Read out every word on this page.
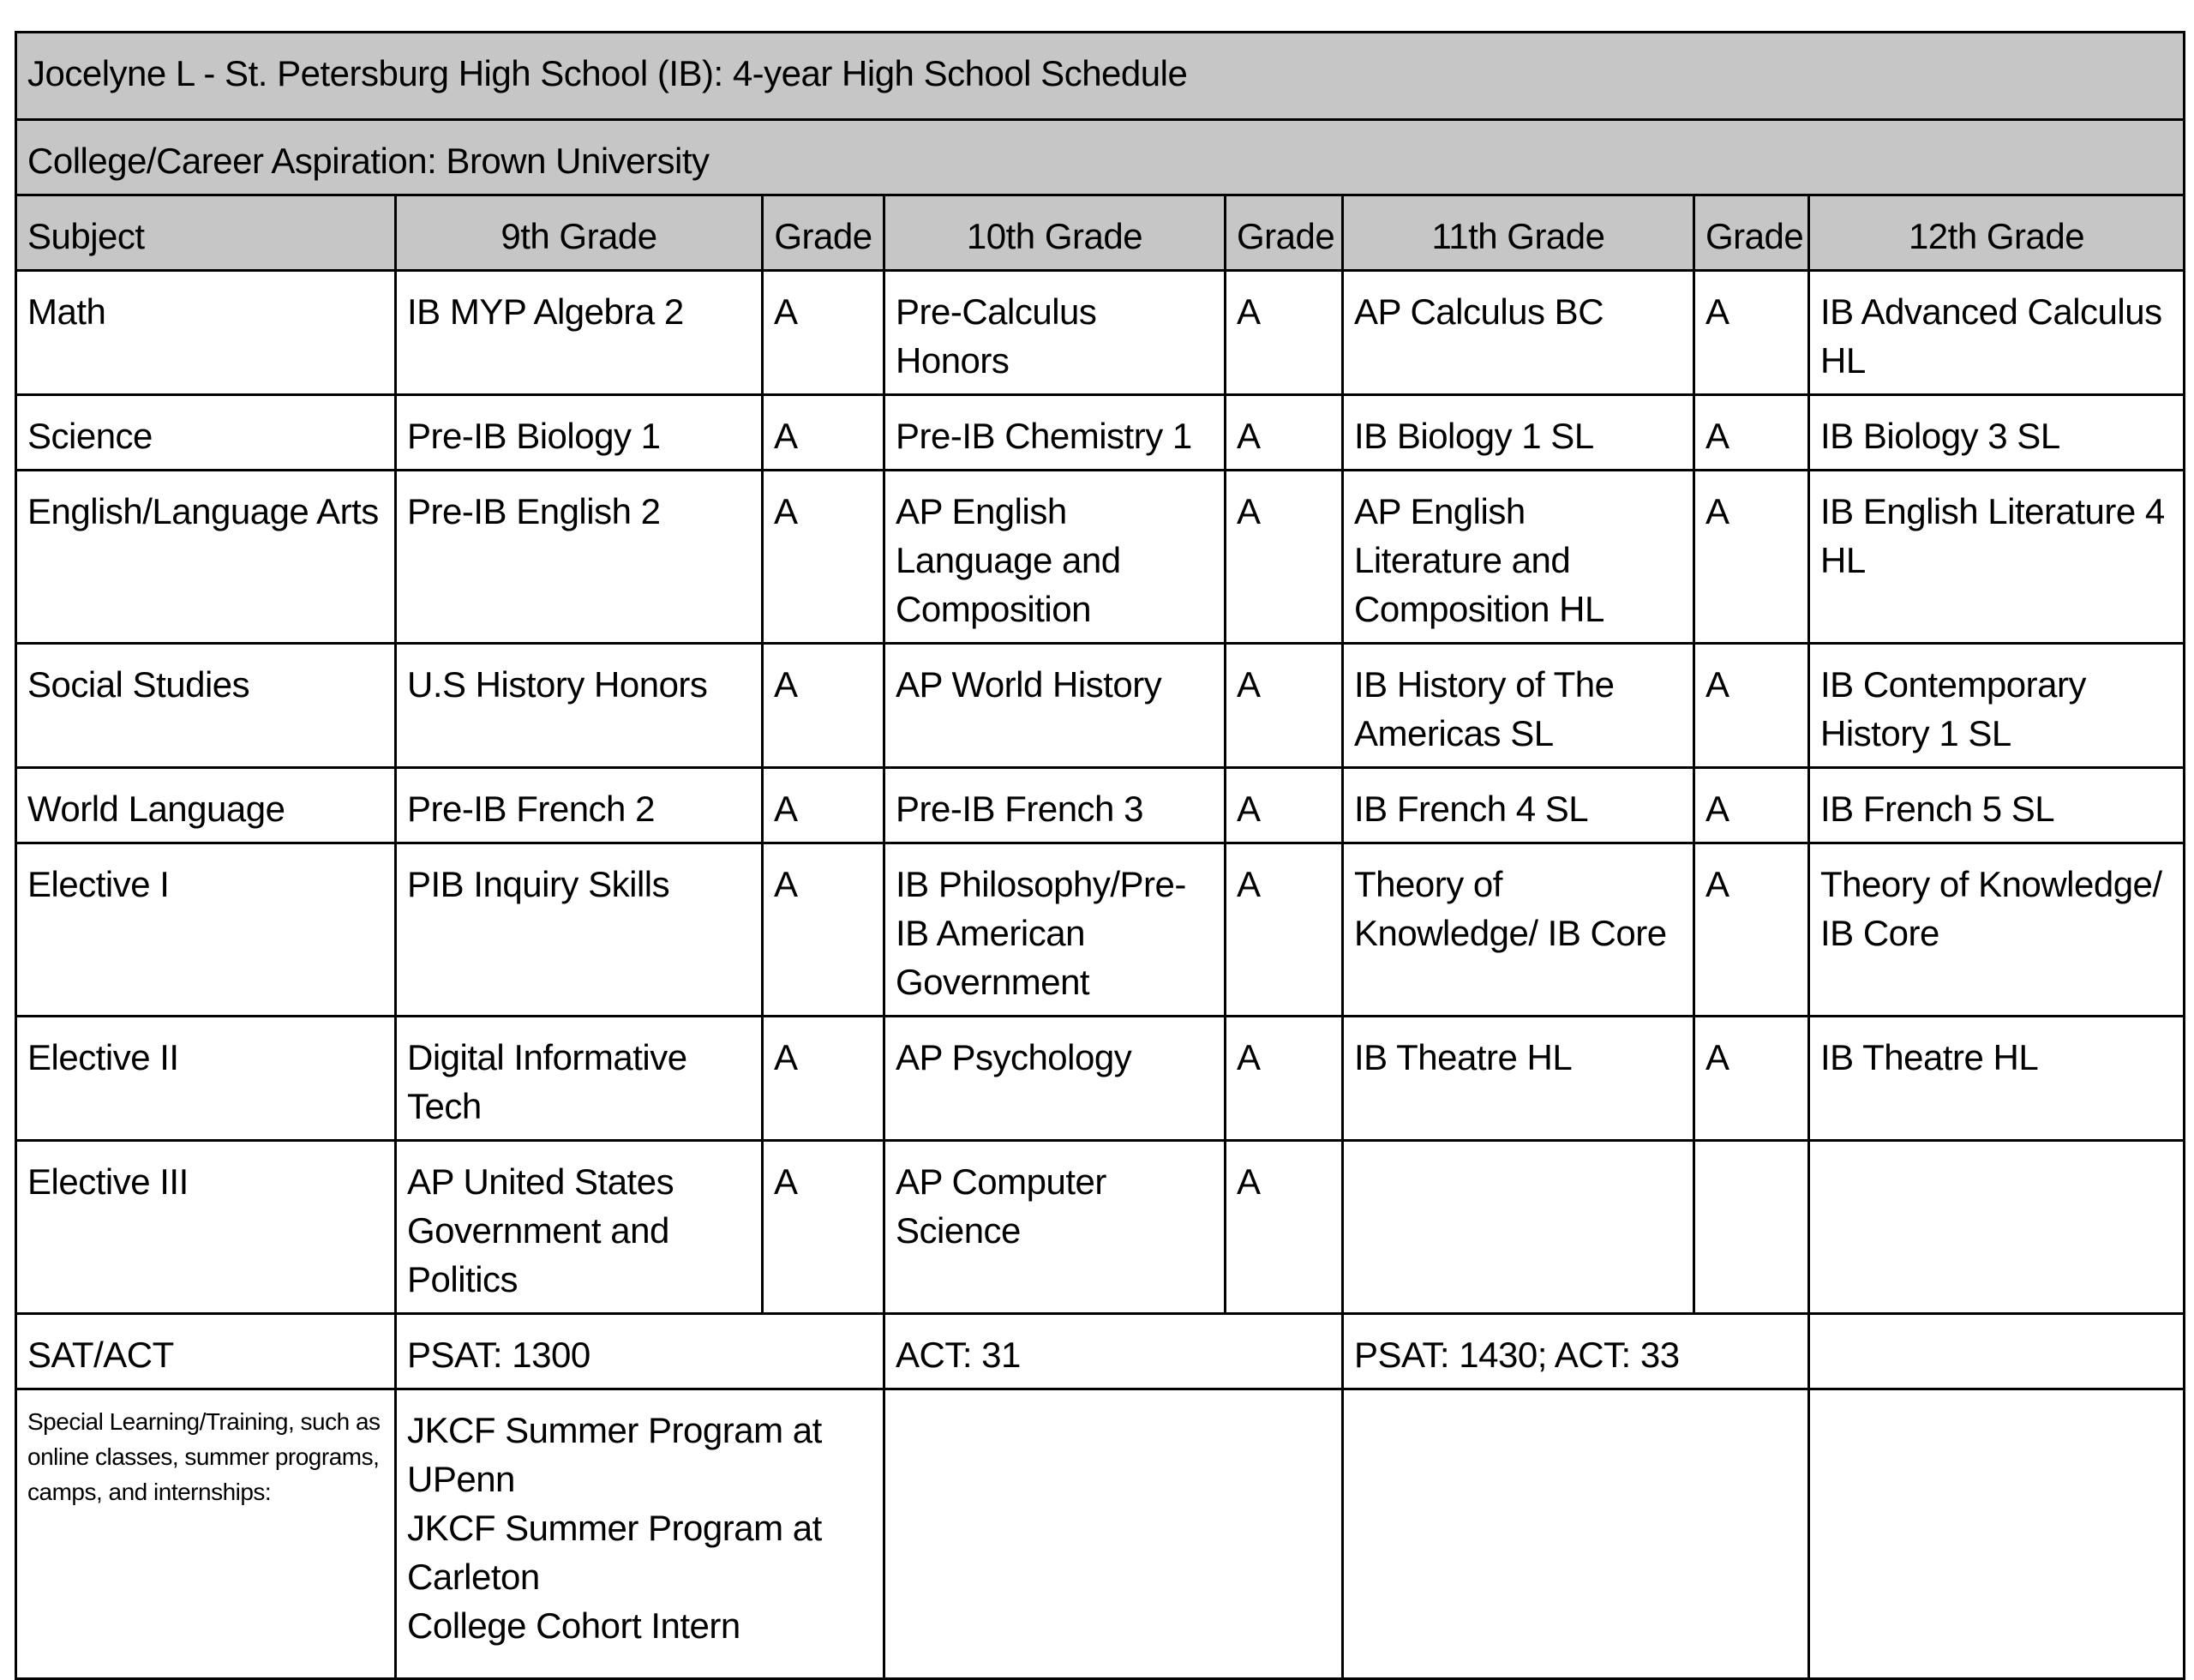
Jocelyne L - St. Petersburg High School (IB): 4-year High School Schedule							
College/Career Aspiration: Brown University							
Subject	9th Grade	Grade	10th Grade	Grade	11th Grade	Grade	12th Grade
Math	IB MYP Algebra 2	A	Pre-Calculus Honors	A	AP Calculus BC	A	IB Advanced Calculus HL
Science	Pre-IB Biology 1	A	Pre-IB Chemistry 1	A	IB Biology 1 SL	A	IB Biology 3 SL
English/Language Arts	Pre-IB English 2	A	AP English Language and Composition	A	AP English Literature and Composition HL	A	IB English Literature 4 HL
Social Studies	U.S History Honors	A	AP World History	A	IB History of The Americas SL	A	IB Contemporary History 1 SL
World Language	Pre-IB French 2	A	Pre-IB French 3	A	IB French 4 SL	A	IB French 5 SL
Elective I	PIB Inquiry Skills	A	IB Philosophy/Pre-IB American Government	A	Theory of Knowledge/ IB Core	A	Theory of Knowledge/ IB Core
Elective II	Digital Informative Tech	A	AP Psychology	A	IB Theatre HL	A	IB Theatre HL
Elective III	AP United States Government and Politics	A	AP Computer Science	A			
SAT/ACT	PSAT: 1300		ACT: 31		PSAT: 1430; ACT: 33		
Special Learning/Training, such as online classes, summer programs, camps, and internships:	JKCF Summer Program at UPenn
JKCF Summer Program at Carleton
College Cohort Intern						
